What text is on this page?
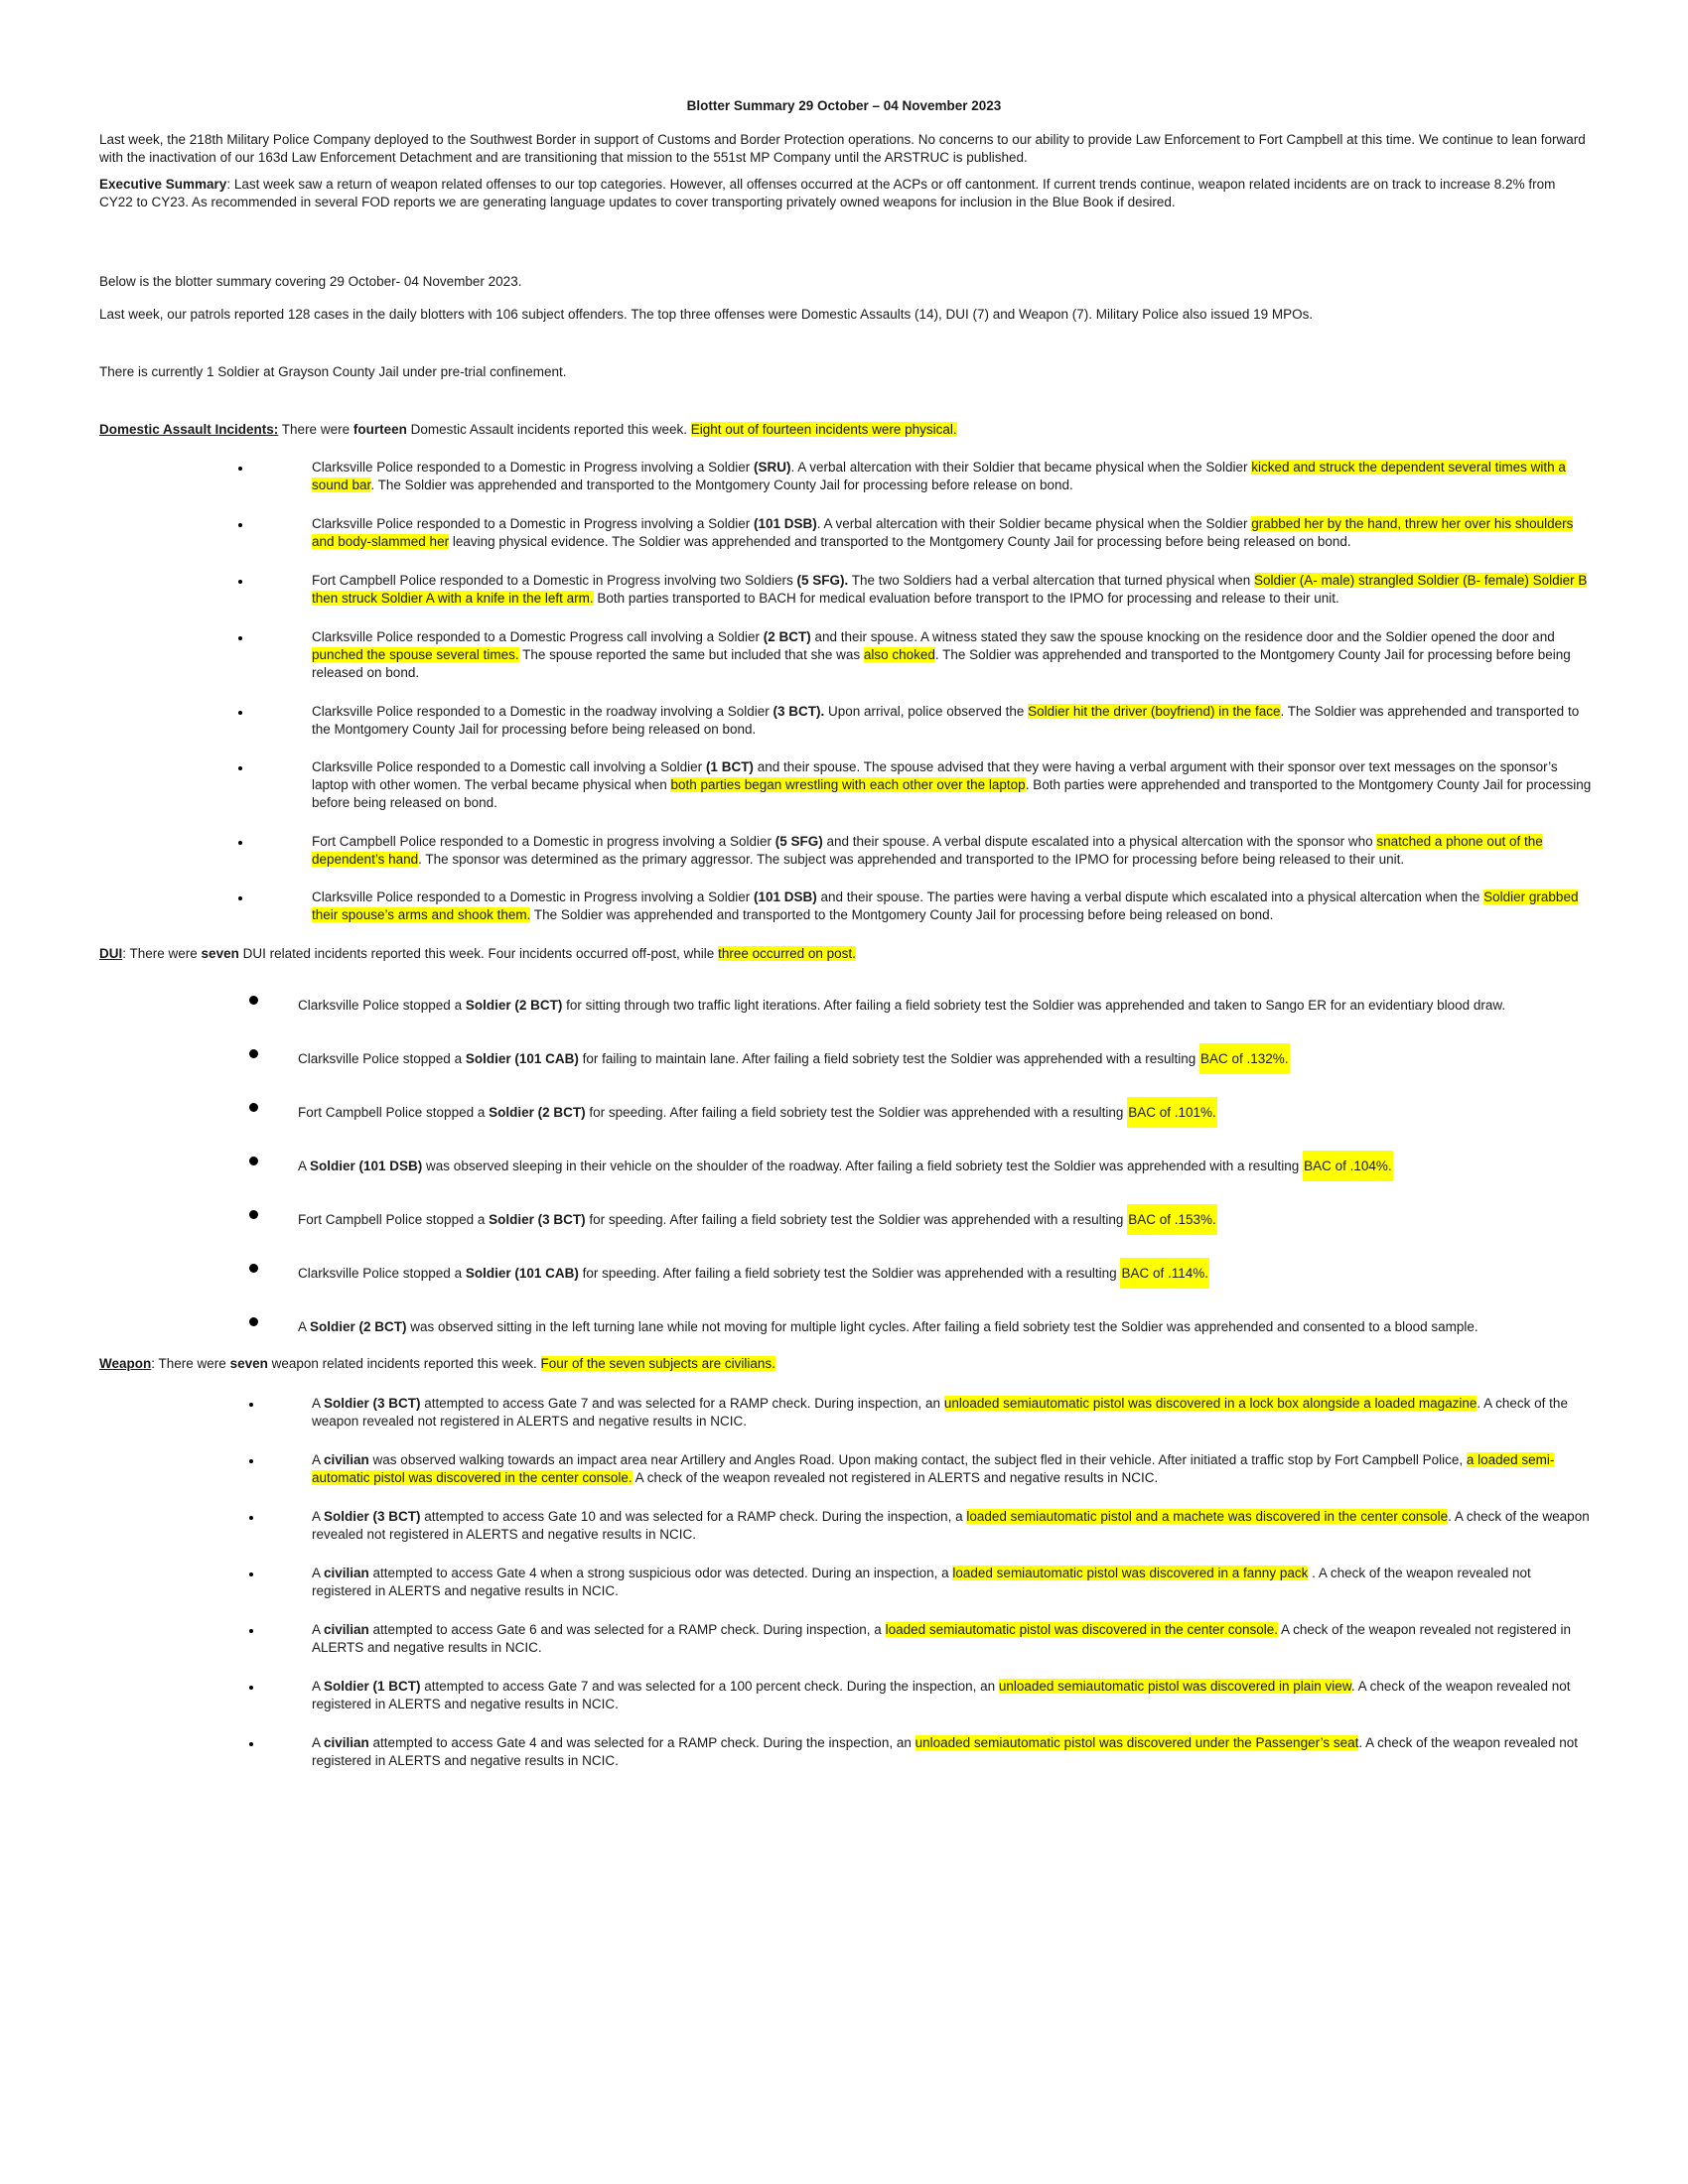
Blotter Summary 29 October – 04 November 2023

Last week, the 218th Military Police Company deployed to the Southwest Border in support of Customs and Border Protection operations. No concerns to our ability to provide Law Enforcement to Fort Campbell at this time. We continue to lean forward with the inactivation of our 163d Law Enforcement Detachment and are transitioning that mission to the 551st MP Company until the ARSTRUC is published.

Executive Summary: Last week saw a return of weapon related offenses to our top categories. However, all offenses occurred at the ACPs or off cantonment. If current trends continue, weapon related incidents are on track to increase 8.2% from CY22 to CY23. As recommended in several FOD reports we are generating language updates to cover transporting privately owned weapons for inclusion in the Blue Book if desired.

Below is the blotter summary covering 29 October- 04 November 2023.

Last week, our patrols reported 128 cases in the daily blotters with 106 subject offenders. The top three offenses were Domestic Assaults (14), DUI (7) and Weapon (7). Military Police also issued 19 MPOs.

There is currently 1 Soldier at Grayson County Jail under pre-trial confinement.

Domestic Assault Incidents: There were fourteen Domestic Assault incidents reported this week. Eight out of fourteen incidents were physical.

Clarksville Police responded to a Domestic in Progress involving a Soldier (SRU). A verbal altercation with their Soldier that became physical when the Soldier kicked and struck the dependent several times with a sound bar. The Soldier was apprehended and transported to the Montgomery County Jail for processing before release on bond.

Clarksville Police responded to a Domestic in Progress involving a Soldier (101 DSB). A verbal altercation with their Soldier became physical when the Soldier grabbed her by the hand, threw her over his shoulders and body-slammed her leaving physical evidence. The Soldier was apprehended and transported to the Montgomery County Jail for processing before being released on bond.

Fort Campbell Police responded to a Domestic in Progress involving two Soldiers (5 SFG). The two Soldiers had a verbal altercation that turned physical when Soldier (A- male) strangled Soldier (B- female) Soldier B then struck Soldier A with a knife in the left arm. Both parties transported to BACH for medical evaluation before transport to the IPMO for processing and release to their unit.

Clarksville Police responded to a Domestic Progress call involving a Soldier (2 BCT) and their spouse. A witness stated they saw the spouse knocking on the residence door and the Soldier opened the door and punched the spouse several times. The spouse reported the same but included that she was also choked. The Soldier was apprehended and transported to the Montgomery County Jail for processing before being released on bond.

Clarksville Police responded to a Domestic in the roadway involving a Soldier (3 BCT). Upon arrival, police observed the Soldier hit the driver (boyfriend) in the face. The Soldier was apprehended and transported to the Montgomery County Jail for processing before being released on bond.

Clarksville Police responded to a Domestic call involving a Soldier (1 BCT) and their spouse. The spouse advised that they were having a verbal argument with their sponsor over text messages on the sponsor’s laptop with other women. The verbal became physical when both parties began wrestling with each other over the laptop. Both parties were apprehended and transported to the Montgomery County Jail for processing before being released on bond.

Fort Campbell Police responded to a Domestic in progress involving a Soldier (5 SFG) and their spouse. A verbal dispute escalated into a physical altercation with the sponsor who snatched a phone out of the dependent’s hand. The sponsor was determined as the primary aggressor. The subject was apprehended and transported to the IPMO for processing before being released to their unit.

Clarksville Police responded to a Domestic in Progress involving a Soldier (101 DSB) and their spouse. The parties were having a verbal dispute which escalated into a physical altercation when the Soldier grabbed their spouse’s arms and shook them. The Soldier was apprehended and transported to the Montgomery County Jail for processing before being released on bond.

DUI: There were seven DUI related incidents reported this week. Four incidents occurred off-post, while three occurred on post.

Clarksville Police stopped a Soldier (2 BCT) for sitting through two traffic light iterations. After failing a field sobriety test the Soldier was apprehended and taken to Sango ER for an evidentiary blood draw.

Clarksville Police stopped a Soldier (101 CAB) for failing to maintain lane. After failing a field sobriety test the Soldier was apprehended with a resulting BAC of .132%.

Fort Campbell Police stopped a Soldier (2 BCT) for speeding. After failing a field sobriety test the Soldier was apprehended with a resulting BAC of .101%.

A Soldier (101 DSB) was observed sleeping in their vehicle on the shoulder of the roadway. After failing a field sobriety test the Soldier was apprehended with a resulting BAC of .104%.

Fort Campbell Police stopped a Soldier (3 BCT) for speeding. After failing a field sobriety test the Soldier was apprehended with a resulting BAC of .153%.

Clarksville Police stopped a Soldier (101 CAB) for speeding. After failing a field sobriety test the Soldier was apprehended with a resulting BAC of .114%.

A Soldier (2 BCT) was observed sitting in the left turning lane while not moving for multiple light cycles. After failing a field sobriety test the Soldier was apprehended and consented to a blood sample.

Weapon: There were seven weapon related incidents reported this week. Four of the seven subjects are civilians.

A Soldier (3 BCT) attempted to access Gate 7 and was selected for a RAMP check. During inspection, an unloaded semiautomatic pistol was discovered in a lock box alongside a loaded magazine. A check of the weapon revealed not registered in ALERTS and negative results in NCIC.

A civilian was observed walking towards an impact area near Artillery and Angles Road. Upon making contact, the subject fled in their vehicle. After initiated a traffic stop by Fort Campbell Police, a loaded semi-automatic pistol was discovered in the center console. A check of the weapon revealed not registered in ALERTS and negative results in NCIC.

A Soldier (3 BCT) attempted to access Gate 10 and was selected for a RAMP check. During the inspection, a loaded semiautomatic pistol and a machete was discovered in the center console. A check of the weapon revealed not registered in ALERTS and negative results in NCIC.

A civilian attempted to access Gate 4 when a strong suspicious odor was detected. During an inspection, a loaded semiautomatic pistol was discovered in a fanny pack . A check of the weapon revealed not registered in ALERTS and negative results in NCIC.

A civilian attempted to access Gate 6 and was selected for a RAMP check. During inspection, a loaded semiautomatic pistol was discovered in the center console. A check of the weapon revealed not registered in ALERTS and negative results in NCIC.

A Soldier (1 BCT) attempted to access Gate 7 and was selected for a 100 percent check. During the inspection, an unloaded semiautomatic pistol was discovered in plain view. A check of the weapon revealed not registered in ALERTS and negative results in NCIC.

A civilian attempted to access Gate 4 and was selected for a RAMP check. During the inspection, an unloaded semiautomatic pistol was discovered under the Passenger’s seat. A check of the weapon revealed not registered in ALERTS and negative results in NCIC.
